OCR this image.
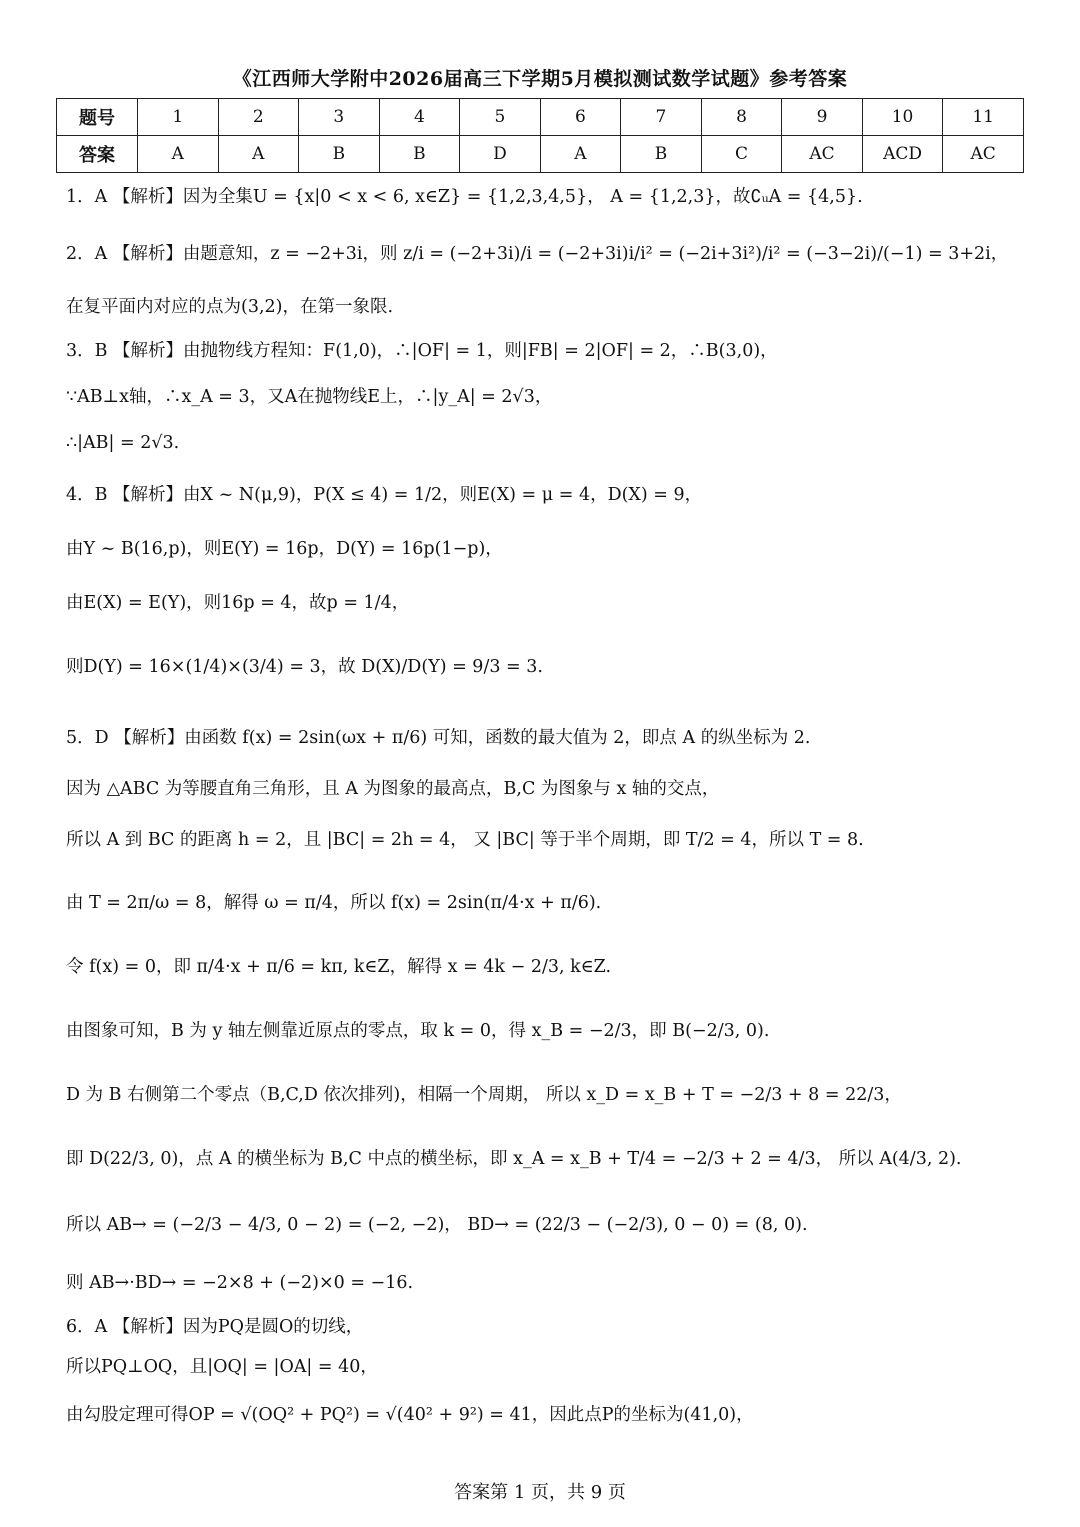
《江西师大学附中2026届高三下学期5月模拟测试数学试题》参考答案
题号	1	2	3	4	5	6	7	8	9	10	11
答案	A	A	B	B	D	A	B	C	AC	ACD	AC
1．A 【解析】因为全集U = {x|0 < x < 6, x∈Z} = {1,2,3,4,5}， A = {1,2,3}，故∁ᵤA = {4,5}.
2．A 【解析】由题意知，z = −2+3i，则 z/i = (−2+3i)/i = (−2+3i)i/i² = (−2i+3i²)/i² = (−3−2i)/(−1) = 3+2i，
在复平面内对应的点为(3,2)，在第一象限.
3．B 【解析】由抛物线方程知：F(1,0)，∴|OF| = 1，则|FB| = 2|OF| = 2，∴B(3,0)，
∵AB⊥x轴，∴x_A = 3，又A在抛物线E上，∴|y_A| = 2√3，
∴|AB| = 2√3.
4．B 【解析】由X ~ N(μ,9)，P(X ≤ 4) = 1/2，则E(X) = μ = 4，D(X) = 9，
由Y ~ B(16,p)，则E(Y) = 16p，D(Y) = 16p(1−p)，
由E(X) = E(Y)，则16p = 4，故p = 1/4，
则D(Y) = 16×(1/4)×(3/4) = 3，故 D(X)/D(Y) = 9/3 = 3.
5．D 【解析】由函数 f(x) = 2sin(ωx + π/6) 可知，函数的最大值为 2，即点 A 的纵坐标为 2.
因为 △ABC 为等腰直角三角形，且 A 为图象的最高点，B,C 为图象与 x 轴的交点，
所以 A 到 BC 的距离 h = 2，且 |BC| = 2h = 4， 又 |BC| 等于半个周期，即 T/2 = 4，所以 T = 8.
由 T = 2π/ω = 8，解得 ω = π/4，所以 f(x) = 2sin(π/4·x + π/6).
令 f(x) = 0，即 π/4·x + π/6 = kπ, k∈Z，解得 x = 4k − 2/3, k∈Z.
由图象可知，B 为 y 轴左侧靠近原点的零点，取 k = 0，得 x_B = −2/3，即 B(−2/3, 0).
D 为 B 右侧第二个零点（B,C,D 依次排列)，相隔一个周期， 所以 x_D = x_B + T = −2/3 + 8 = 22/3，
即 D(22/3, 0)，点 A 的横坐标为 B,C 中点的横坐标，即 x_A = x_B + T/4 = −2/3 + 2 = 4/3， 所以 A(4/3, 2).
所以 AB→ = (−2/3 − 4/3, 0 − 2) = (−2, −2)， BD→ = (22/3 − (−2/3), 0 − 0) = (8, 0).
则 AB→·BD→ = −2×8 + (−2)×0 = −16.
6．A 【解析】因为PQ是圆O的切线，
所以PQ⊥OQ，且|OQ| = |OA| = 40，
由勾股定理可得OP = √(OQ² + PQ²) = √(40² + 9²) = 41，因此点P的坐标为(41,0)，
答案第 1 页，共 9 页
